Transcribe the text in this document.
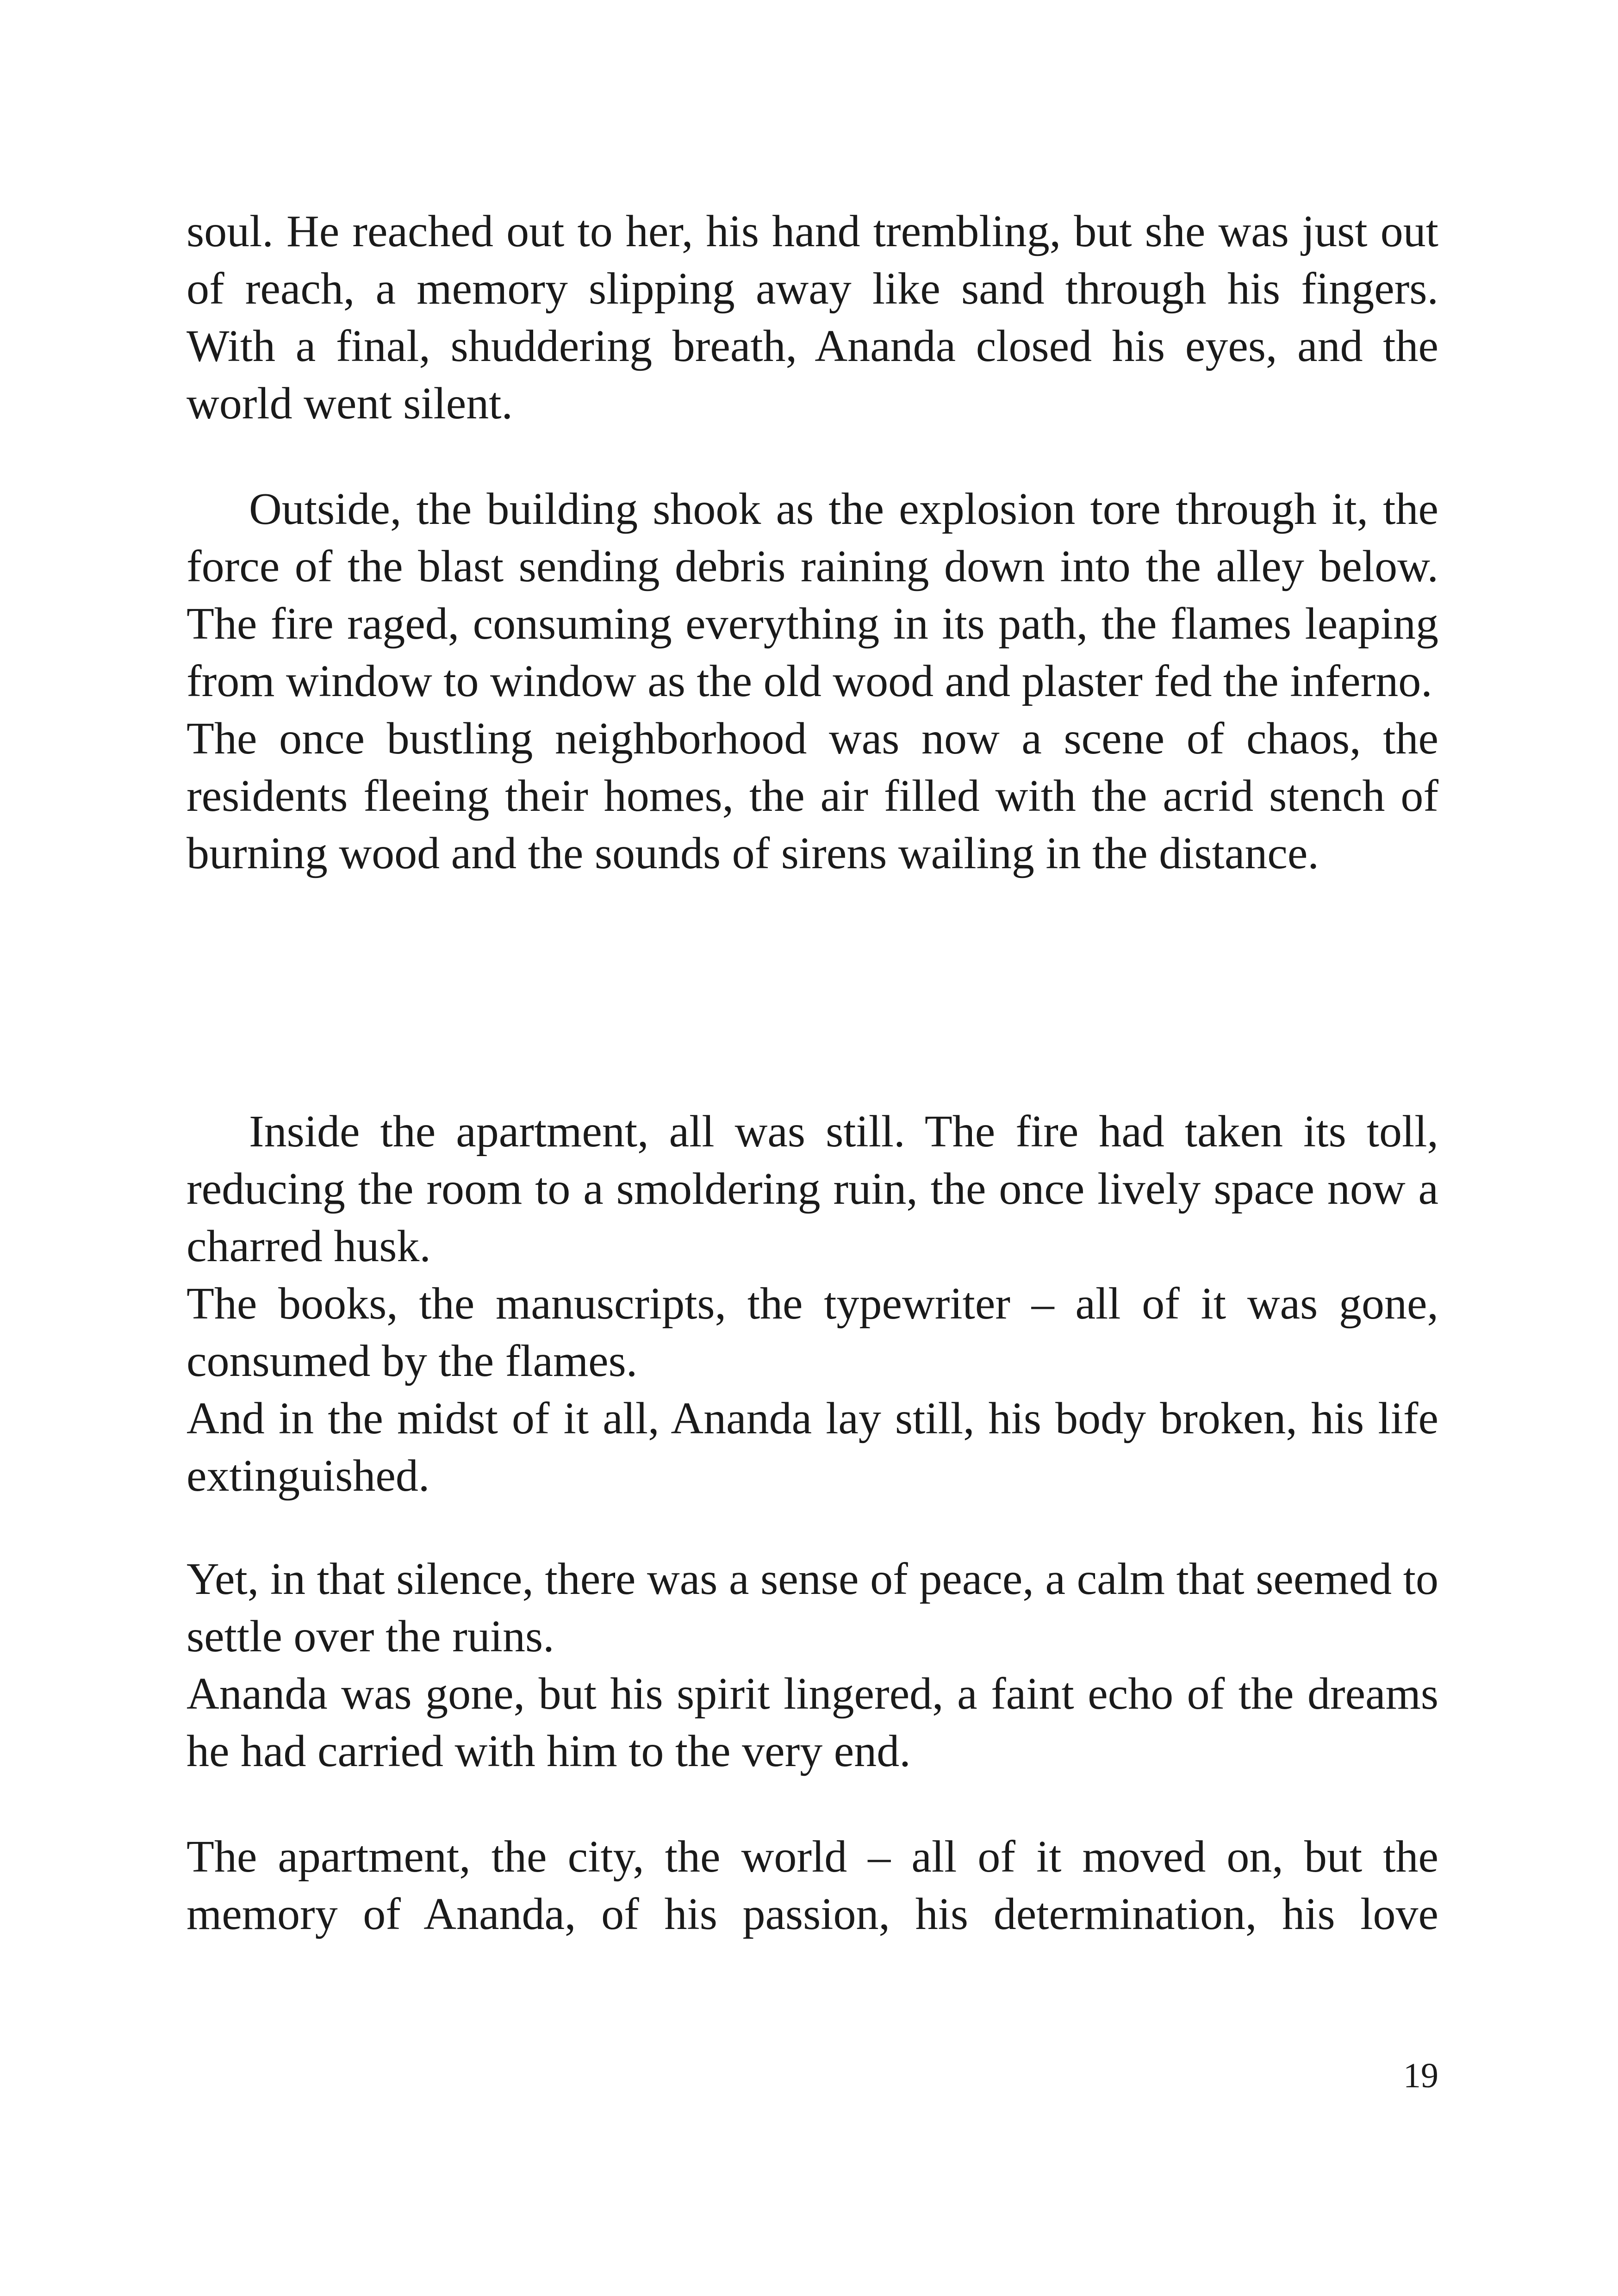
soul. He reached out to her, his hand trembling, but she was just out of reach, a memory slipping away like sand through his fingers. With a final, shuddering breath, Ananda closed his eyes, and the world went silent.

Outside, the building shook as the explosion tore through it, the force of the blast sending debris raining down into the alley below. The fire raged, consuming everything in its path, the flames leaping from window to window as the old wood and plaster fed the inferno.

The once bustling neighborhood was now a scene of chaos, the residents fleeing their homes, the air filled with the acrid stench of burning wood and the sounds of sirens wailing in the distance.

Inside the apartment, all was still. The fire had taken its toll, reducing the room to a smoldering ruin, the once lively space now a charred husk.

The books, the manuscripts, the typewriter – all of it was gone, consumed by the flames.

And in the midst of it all, Ananda lay still, his body broken, his life extinguished.

Yet, in that silence, there was a sense of peace, a calm that seemed to settle over the ruins.

Ananda was gone, but his spirit lingered, a faint echo of the dreams he had carried with him to the very end.

The apartment, the city, the world – all of it moved on, but the memory of Ananda, of his passion, his determination, his love

19
